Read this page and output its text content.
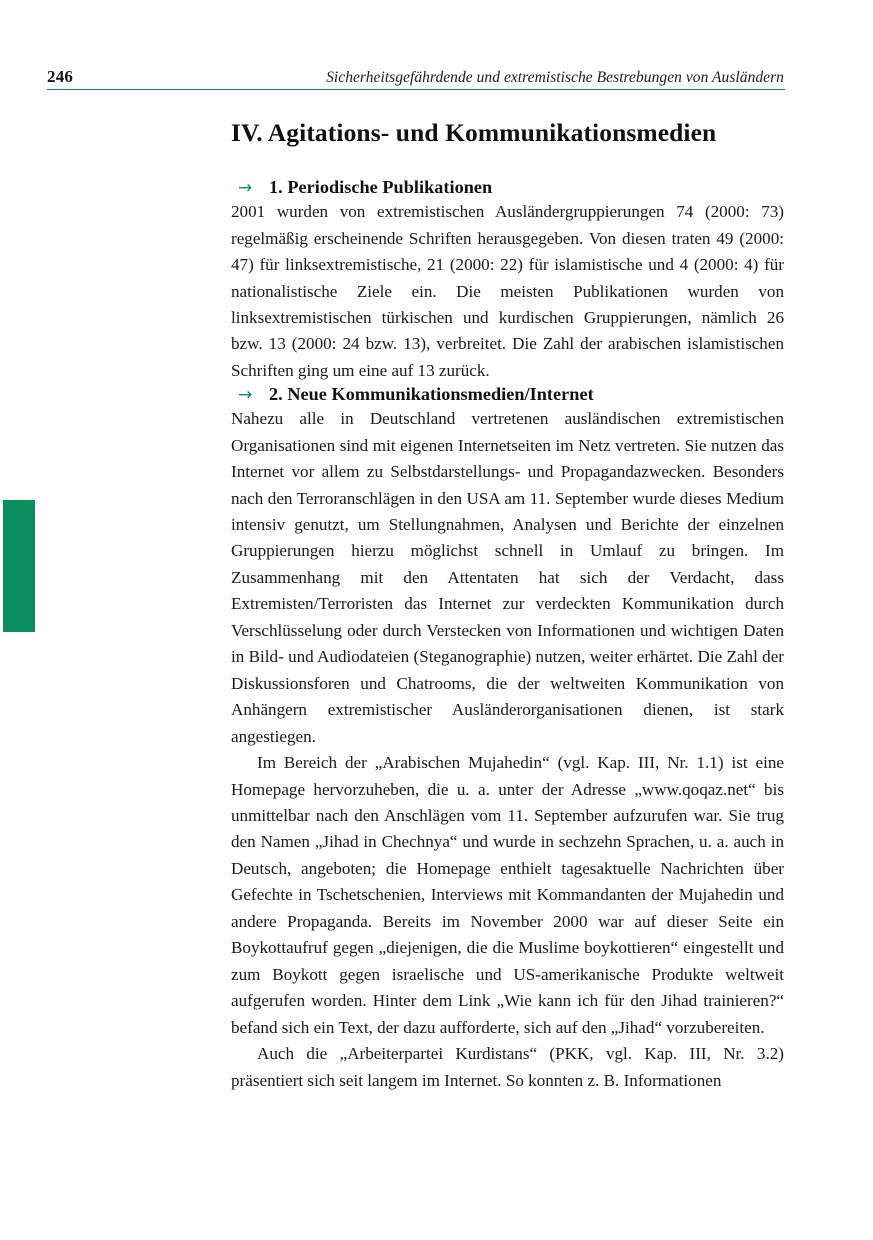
246	Sicherheitsgefährdende und extremistische Bestrebungen von Ausländern
IV. Agitations- und Kommunikationsmedien
→ 1. Periodische Publikationen

2001 wurden von extremistischen Ausländergruppierungen 74 (2000: 73) regelmäßig erscheinende Schriften herausgegeben. Von diesen traten 49 (2000: 47) für linksextremistische, 21 (2000: 22) für islamistische und 4 (2000: 4) für nationalistische Ziele ein. Die meisten Publikationen wurden von linksextremistischen türkischen und kurdischen Gruppierungen, nämlich 26 bzw. 13 (2000: 24 bzw. 13), verbreitet. Die Zahl der arabischen islamistischen Schriften ging um eine auf 13 zurück.

→ 2. Neue Kommunikationsmedien/Internet

Nahezu alle in Deutschland vertretenen ausländischen extremistischen Organisationen sind mit eigenen Internetseiten im Netz vertreten. Sie nutzen das Internet vor allem zu Selbstdarstellungs- und Propagandazwecken. Besonders nach den Terroranschlägen in den USA am 11. September wurde dieses Medium intensiv genutzt, um Stellungnahmen, Analysen und Berichte der einzelnen Gruppierungen hierzu möglichst schnell in Umlauf zu bringen. Im Zusammenhang mit den Attentaten hat sich der Verdacht, dass Extremisten/Terroristen das Internet zur verdeckten Kommunikation durch Verschlüsselung oder durch Verstecken von Informationen und wichtigen Daten in Bild- und Audiodateien (Steganographie) nutzen, weiter erhärtet. Die Zahl der Diskussionsforen und Chatrooms, die der weltweiten Kommunikation von Anhängern extremistischer Ausländerorganisationen dienen, ist stark angestiegen.

Im Bereich der „Arabischen Mujahedin“ (vgl. Kap. III, Nr. 1.1) ist eine Homepage hervorzuheben, die u. a. unter der Adresse „www.qoqaz.net“ bis unmittelbar nach den Anschlägen vom 11. September aufzurufen war. Sie trug den Namen „Jihad in Chechnya“ und wurde in sechzehn Sprachen, u. a. auch in Deutsch, angeboten; die Homepage enthielt tagesaktuelle Nachrichten über Gefechte in Tschetschenien, Interviews mit Kommandanten der Mujahedin und andere Propaganda. Bereits im November 2000 war auf dieser Seite ein Boykottaufruf gegen „diejenigen, die die Muslime boykottieren“ eingestellt und zum Boykott gegen israelische und US-amerikanische Produkte weltweit aufgerufen worden. Hinter dem Link „Wie kann ich für den Jihad trainieren?“ befand sich ein Text, der dazu aufforderte, sich auf den „Jihad“ vorzubereiten.

Auch die „Arbeiterpartei Kurdistans“ (PKK, vgl. Kap. III, Nr. 3.2) präsentiert sich seit langem im Internet. So konnten z. B. Informationen
